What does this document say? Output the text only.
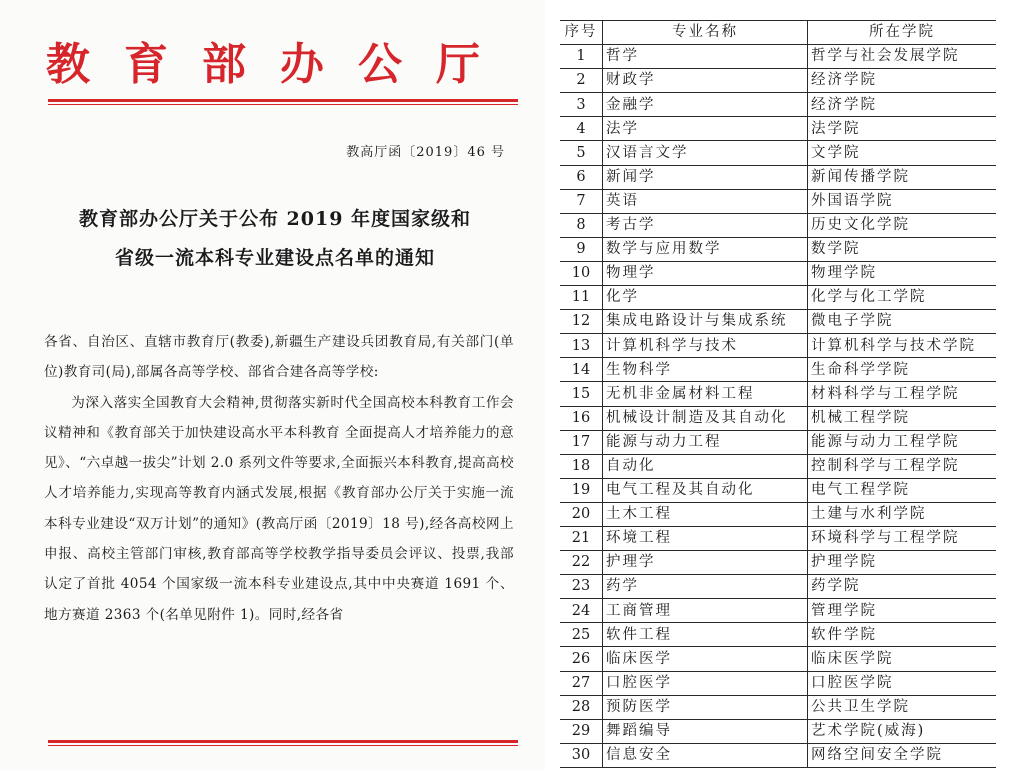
教育部办公厅
教高厅函〔2019〕46 号
教育部办公厅关于公布 2019 年度国家级和
省级一流本科专业建设点名单的通知

各省、自治区、直辖市教育厅(教委),新疆生产建设兵团教育局,有关部门(单位)教育司(局),部属各高等学校、部省合建各高等学校:

为深入落实全国教育大会精神,贯彻落实新时代全国高校本科教育工作会议精神和《教育部关于加快建设高水平本科教育 全面提高人才培养能力的意见》、“六卓越一拔尖”计划 2.0 系列文件等要求,全面振兴本科教育,提高高校人才培养能力,实现高等教育内涵式发展,根据《教育部办公厅关于实施一流本科专业建设“双万计划”的通知》(教高厅函〔2019〕18 号),经各高校网上申报、高校主管部门审核,教育部高等学校教学指导委员会评议、投票,我部认定了首批 4054 个国家级一流本科专业建设点,其中中央赛道 1691 个、地方赛道 2363 个(名单见附件 1)。同时,经各省

序号	专业名称	所在学院
1	哲学	哲学与社会发展学院
2	财政学	经济学院
3	金融学	经济学院
4	法学	法学院
5	汉语言文学	文学院
6	新闻学	新闻传播学院
7	英语	外国语学院
8	考古学	历史文化学院
9	数学与应用数学	数学院
10	物理学	物理学院
11	化学	化学与化工学院
12	集成电路设计与集成系统	微电子学院
13	计算机科学与技术	计算机科学与技术学院
14	生物科学	生命科学学院
15	无机非金属材料工程	材料科学与工程学院
16	机械设计制造及其自动化	机械工程学院
17	能源与动力工程	能源与动力工程学院
18	自动化	控制科学与工程学院
19	电气工程及其自动化	电气工程学院
20	土木工程	土建与水利学院
21	环境工程	环境科学与工程学院
22	护理学	护理学院
23	药学	药学院
24	工商管理	管理学院
25	软件工程	软件学院
26	临床医学	临床医学院
27	口腔医学	口腔医学院
28	预防医学	公共卫生学院
29	舞蹈编导	艺术学院(威海)
30	信息安全	网络空间安全学院
